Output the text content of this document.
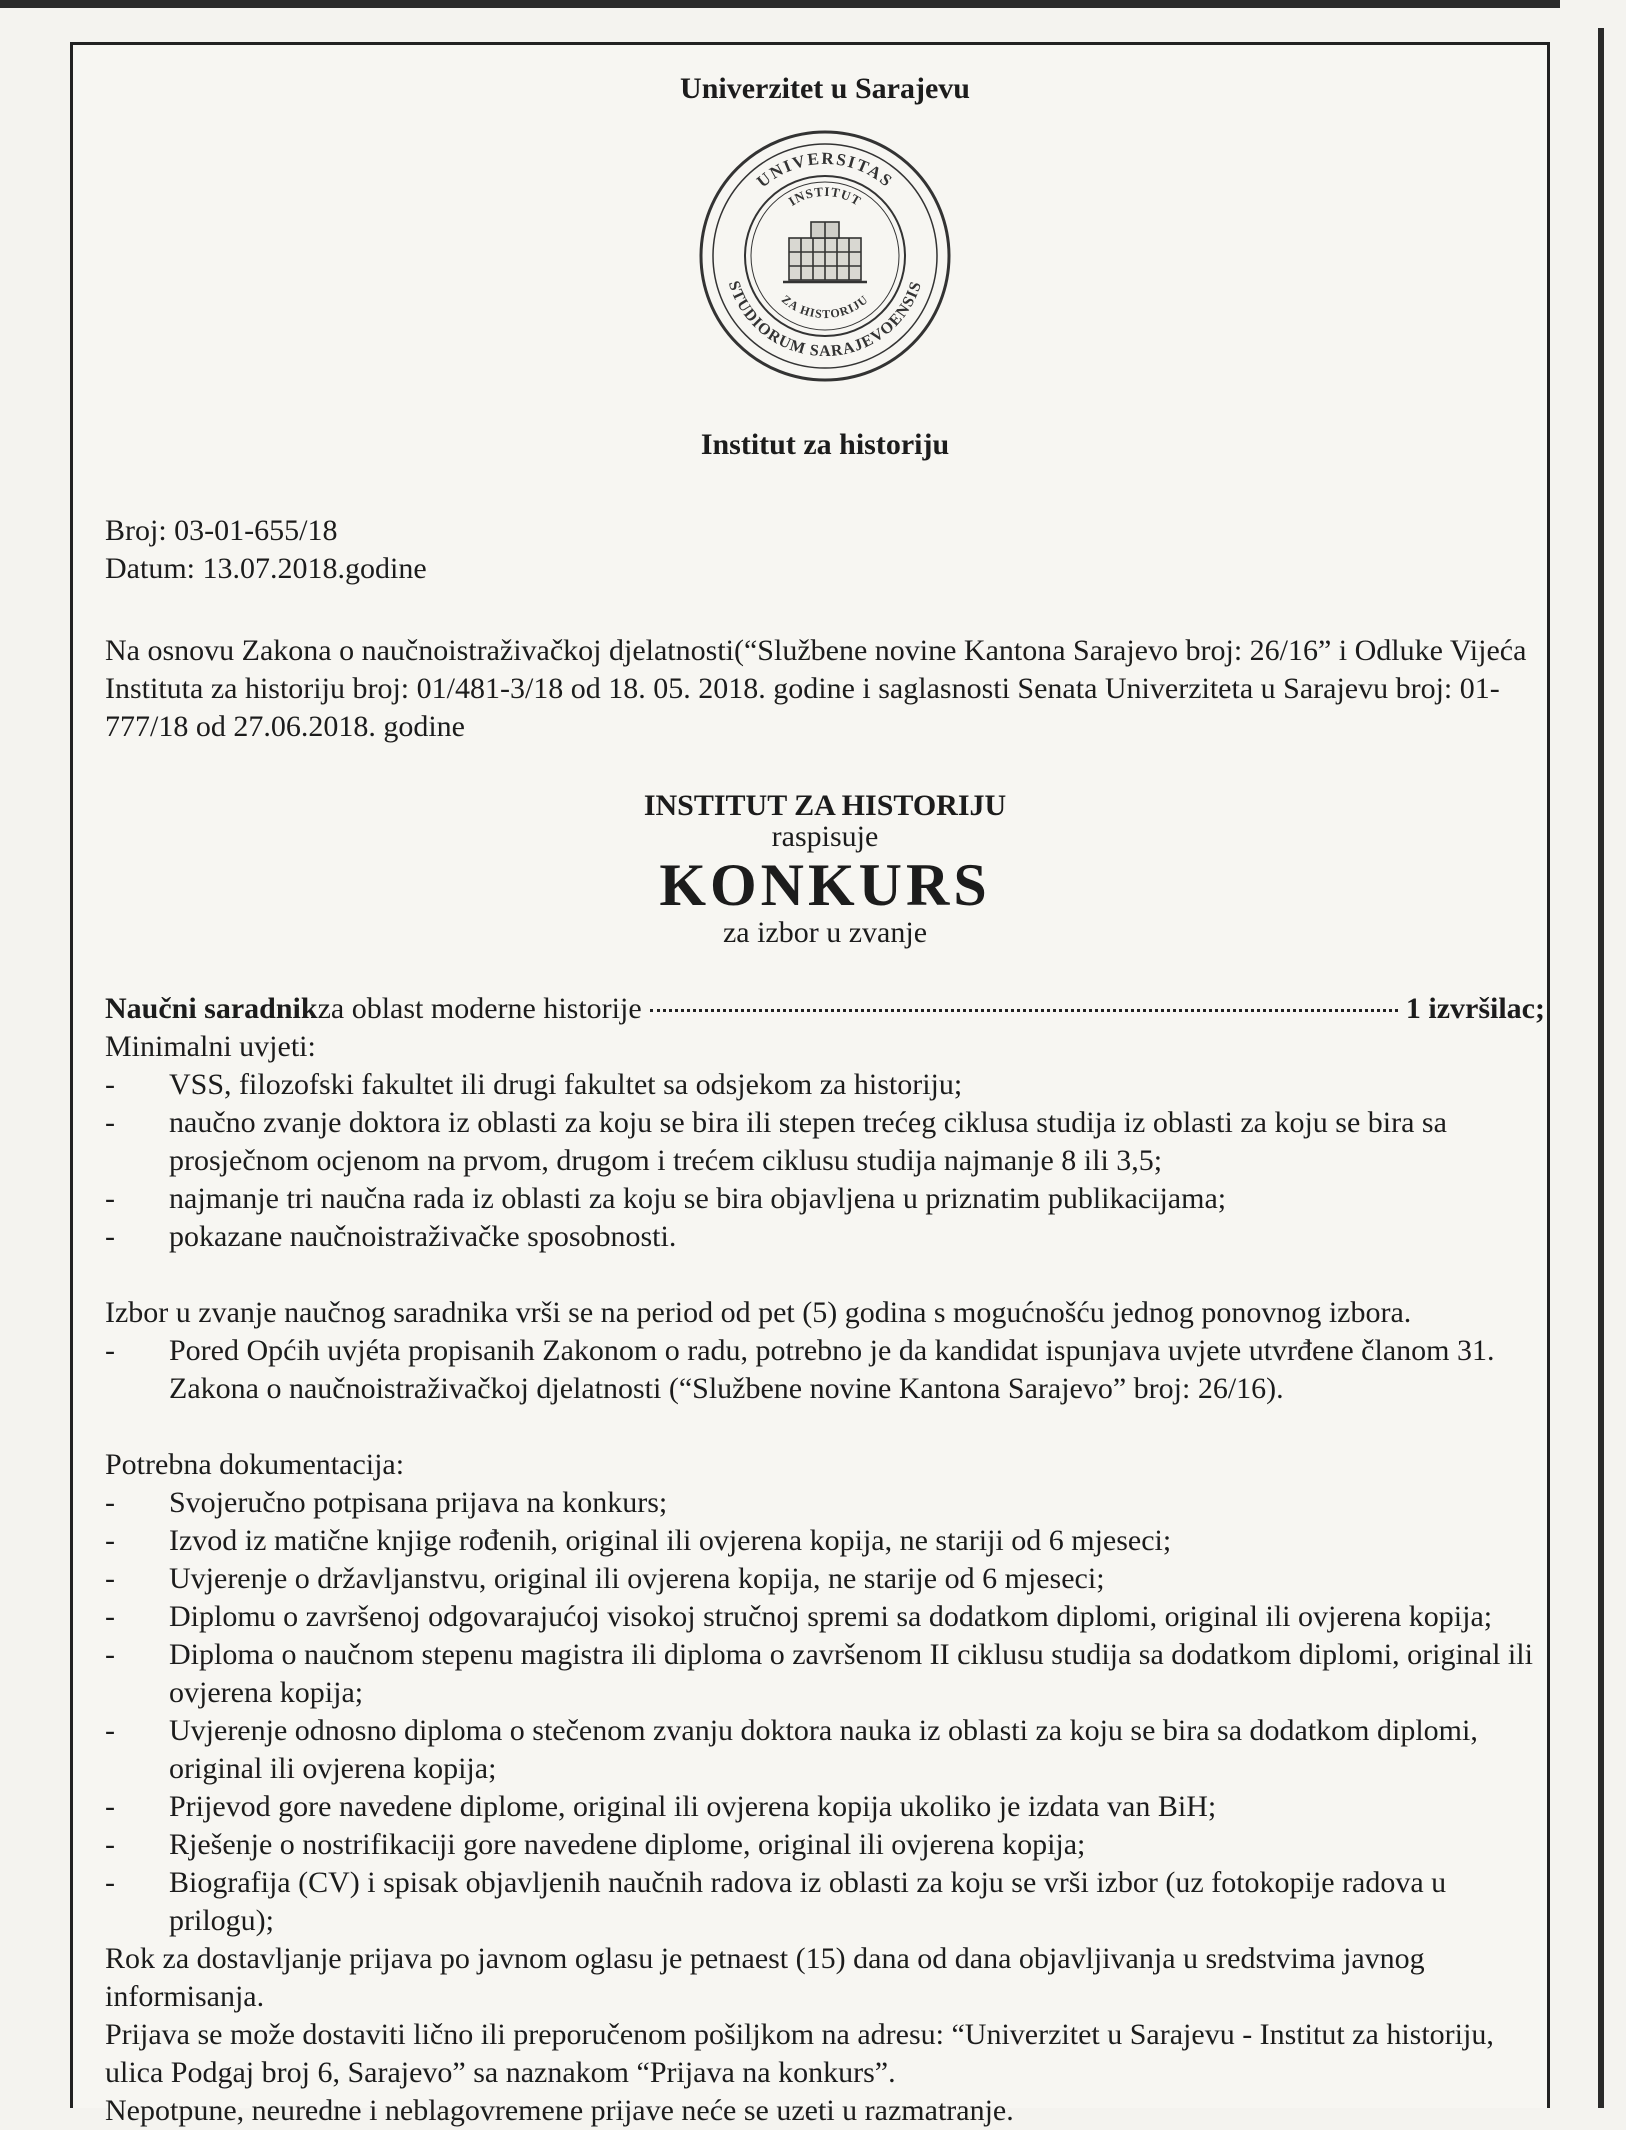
Univerzitet u Sarajevu
UNIVERSITAS
STUDIORUM SARAJEVOENSIS
INSTITUT
ZA HISTORIJU
Institut za historiju
Broj: 03-01-655/18
Datum: 13.07.2018.godine
Na osnovu Zakona o naučnoistraživačkoj djelatnosti(“Službene novine Kantona Sarajevo broj: 26/16” i Odluke Vijeća Instituta za historiju broj: 01/481-3/18 od 18. 05. 2018. godine i saglasnosti Senata Univerziteta u Sarajevu broj: 01-777/18 od 27.06.2018. godine
INSTITUT ZA HISTORIJU
raspisuje
KONKURS
za izbor u zvanje
Naučni saradnik za oblast moderne historije	1 izvršilac;
Minimalni uvjeti:
- VSS, filozofski fakultet ili drugi fakultet sa odsjekom za historiju;
- naučno zvanje doktora iz oblasti za koju se bira ili stepen trećeg ciklusa studija iz oblasti za koju se bira sa prosječnom ocjenom na prvom, drugom i trećem ciklusu studija najmanje 8 ili 3,5;
- najmanje tri naučna rada iz oblasti za koju se bira objavljena u priznatim publikacijama;
- pokazane naučnoistraživačke sposobnosti.
Izbor u zvanje naučnog saradnika vrši se na period od pet (5) godina s mogućnošću jednog ponovnog izbora.
- Pored Općih uvjéta propisanih Zakonom o radu, potrebno je da kandidat ispunjava uvjete utvrđene članom 31. Zakona o naučnoistraživačkoj djelatnosti (“Službene novine Kantona Sarajevo” broj: 26/16).
Potrebna dokumentacija:
- Svojeručno potpisana prijava na konkurs;
- Izvod iz matične knjige rođenih, original ili ovjerena kopija, ne stariji od 6 mjeseci;
- Uvjerenje o državljanstvu, original ili ovjerena kopija, ne starije od 6 mjeseci;
- Diplomu o završenoj odgovarajućoj visokoj stručnoj spremi sa dodatkom diplomi, original ili ovjerena kopija;
- Diploma o naučnom stepenu magistra ili diploma o završenom II ciklusu studija sa dodatkom diplomi, original ili ovjerena kopija;
- Uvjerenje odnosno diploma o stečenom zvanju doktora nauka iz oblasti za koju se bira sa dodatkom diplomi, original ili ovjerena kopija;
- Prijevod gore navedene diplome, original ili ovjerena kopija ukoliko je izdata van BiH;
- Rješenje o nostrifikaciji gore navedene diplome, original ili ovjerena kopija;
- Biografija (CV) i spisak objavljenih naučnih radova iz oblasti za koju se vrši izbor (uz fotokopije radova u prilogu);
Rok za dostavljanje prijava po javnom oglasu je petnaest (15) dana od dana objavljivanja u sredstvima javnog informisanja.
Prijava se može dostaviti lično ili preporučenom pošiljkom na adresu: “Univerzitet u Sarajevu - Institut za historiju, ulica Podgaj broj 6, Sarajevo” sa naznakom “Prijava na konkurs”.
Nepotpune, neuredne i neblagovremene prijave neće se uzeti u razmatranje.
